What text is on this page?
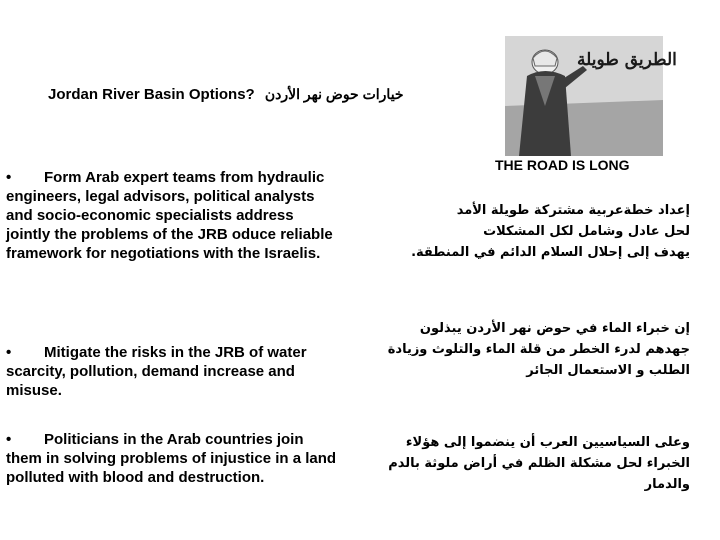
Jordan River Basin Options? خيارات حوض نهر الأردن
الطريق طويلة

• Form Arab expert teams from hydraulic engineers, legal advisors, political analysts and socio-economic specialists address jointly the problems of the JRB oduce reliable framework for negotiations with the Israelis.

• Mitigate the risks in the JRB of water scarcity, pollution, demand increase and misuse.

• Politicians in the Arab countries join them in solving problems of injustice in a land polluted with blood and destruction.

THE ROAD IS LONG
إعداد خطةعربية مشتركة طويلة الأمد
لحل عادل وشامل لكل المشكلات
يهدف إلى إحلال السلام الدائم في المنطقة.
إن خبراء الماء في حوض نهر الأردن يبذلون
جهدهم لدرء الخطر من قلة الماء والتلوث وزيادة
الطلب و الاستعمال الجائر
وعلى السياسيين العرب أن ينضموا إلى هؤلاء
الخبراء لحل مشكلة الظلم في أراض ملوثة بالدم
والدمار
